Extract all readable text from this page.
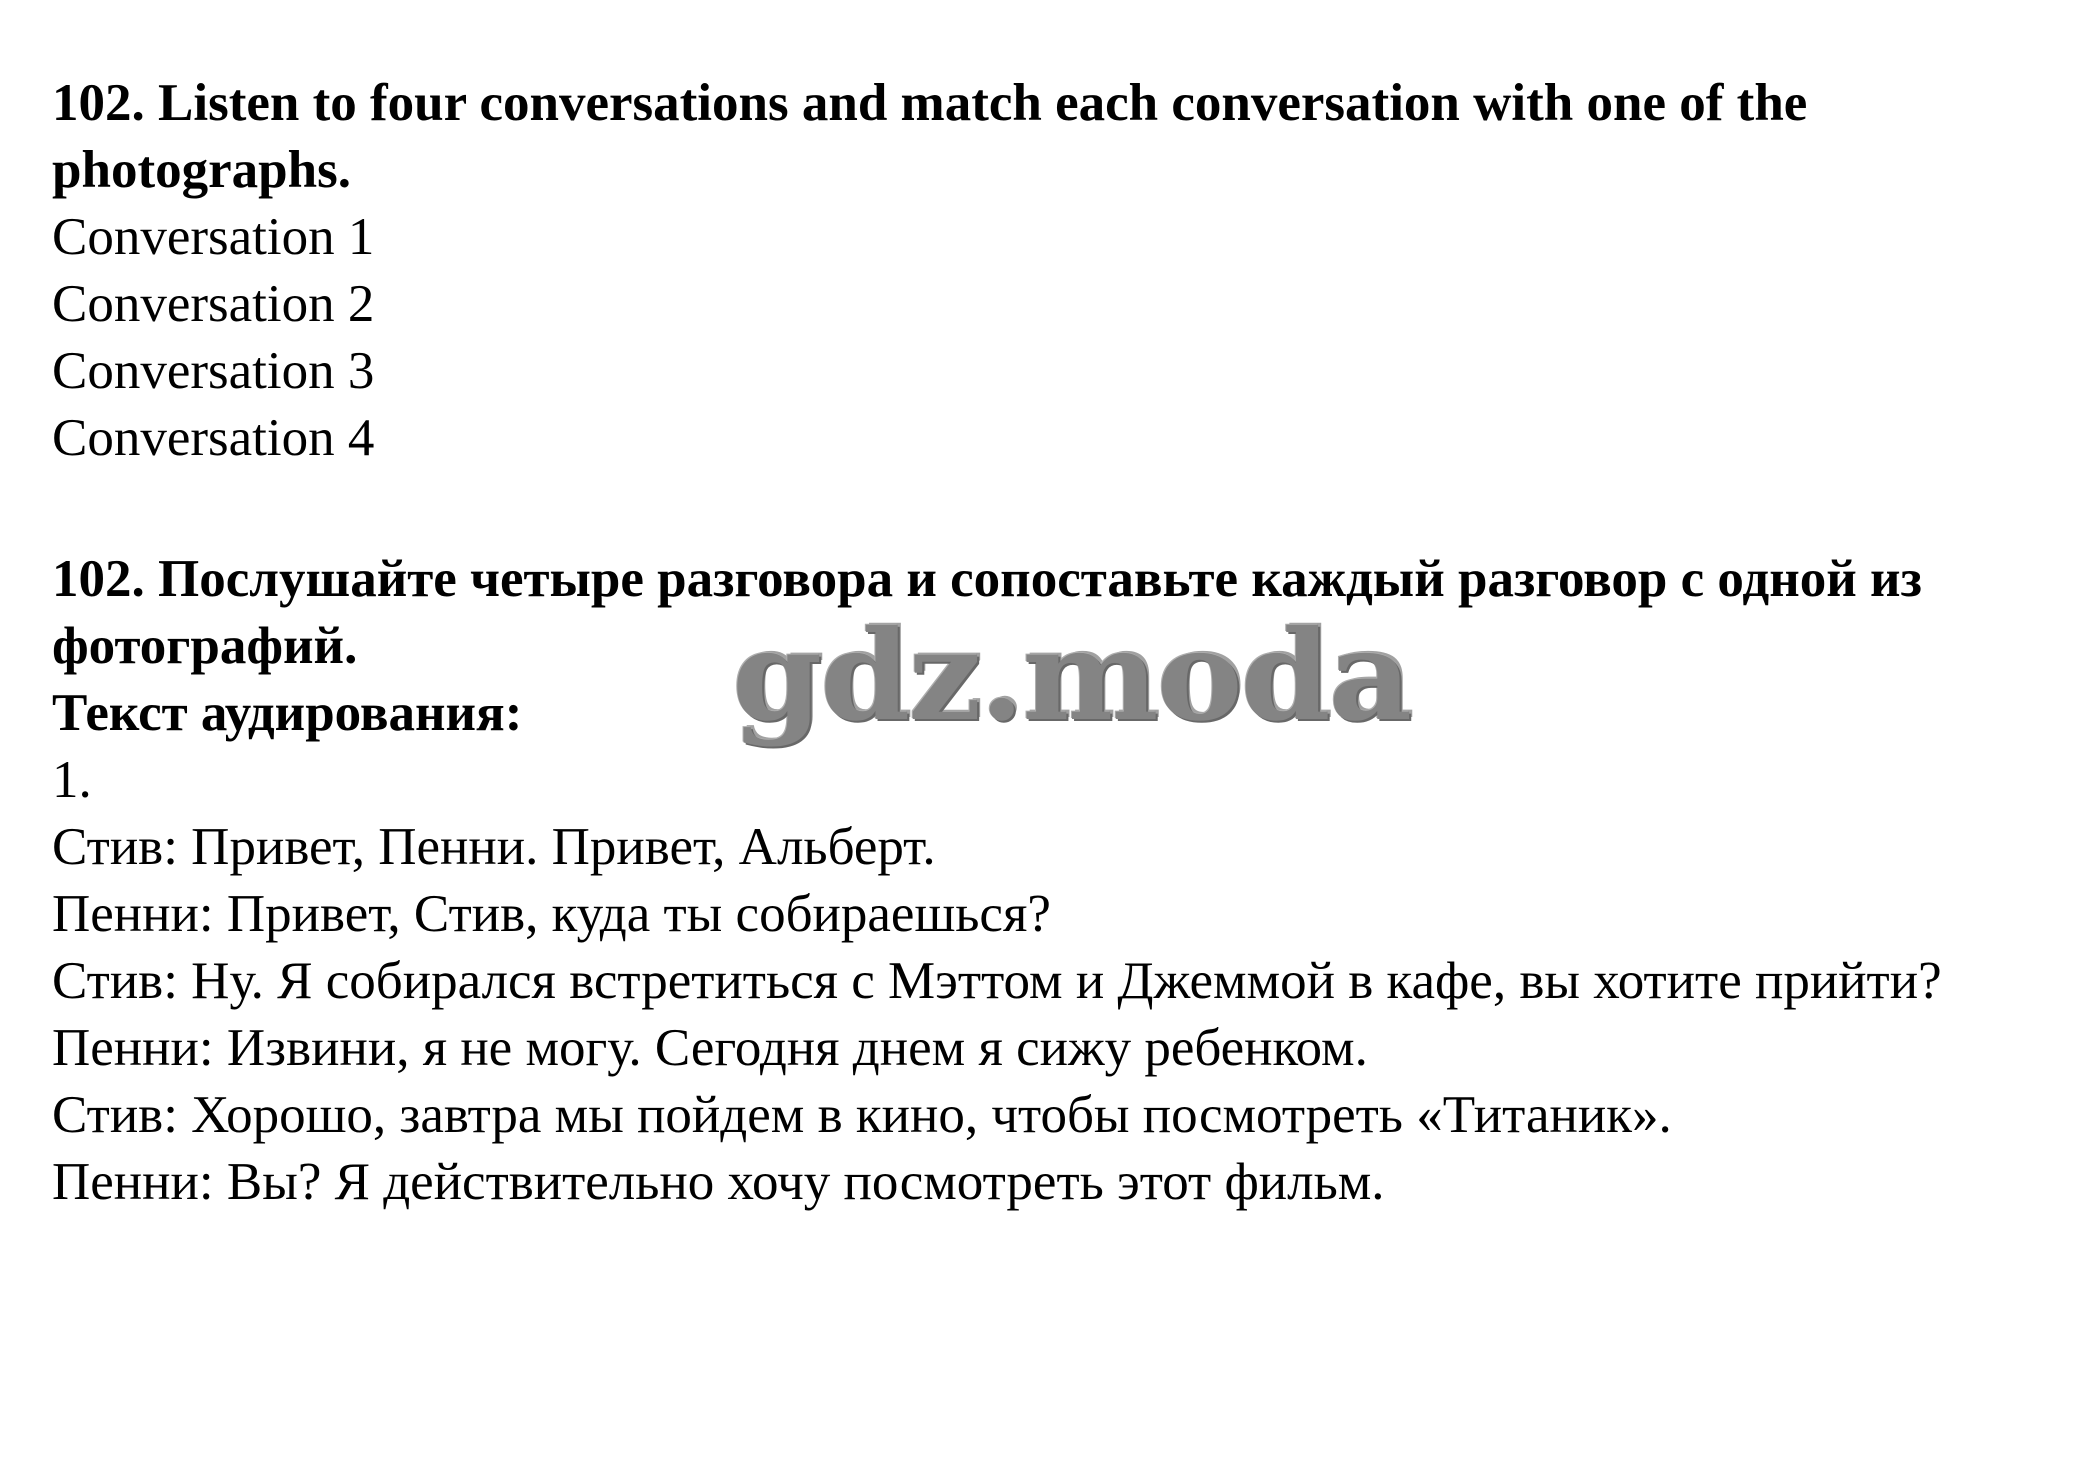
102. Listen to four conversations and match each conversation with one of the photographs.

Conversation 1

Conversation 2

Conversation 3

Conversation 4

102. Послушайте четыре разговора и сопоставьте каждый разговор с одной из фотографий.

Текст аудирования:

1.

Стив: Привет, Пенни. Привет, Альберт.

Пенни: Привет, Стив, куда ты собираешься?

Стив: Ну. Я собирался встретиться с Мэттом и Джеммой в кафе, вы хотите прийти?

Пенни: Извини, я не могу. Сегодня днем я сижу ребенком.

Стив: Хорошо, завтра мы пойдем в кино, чтобы посмотреть «Титаник».

Пенни: Вы? Я действительно хочу посмотреть этот фильм.

gdz.moda
